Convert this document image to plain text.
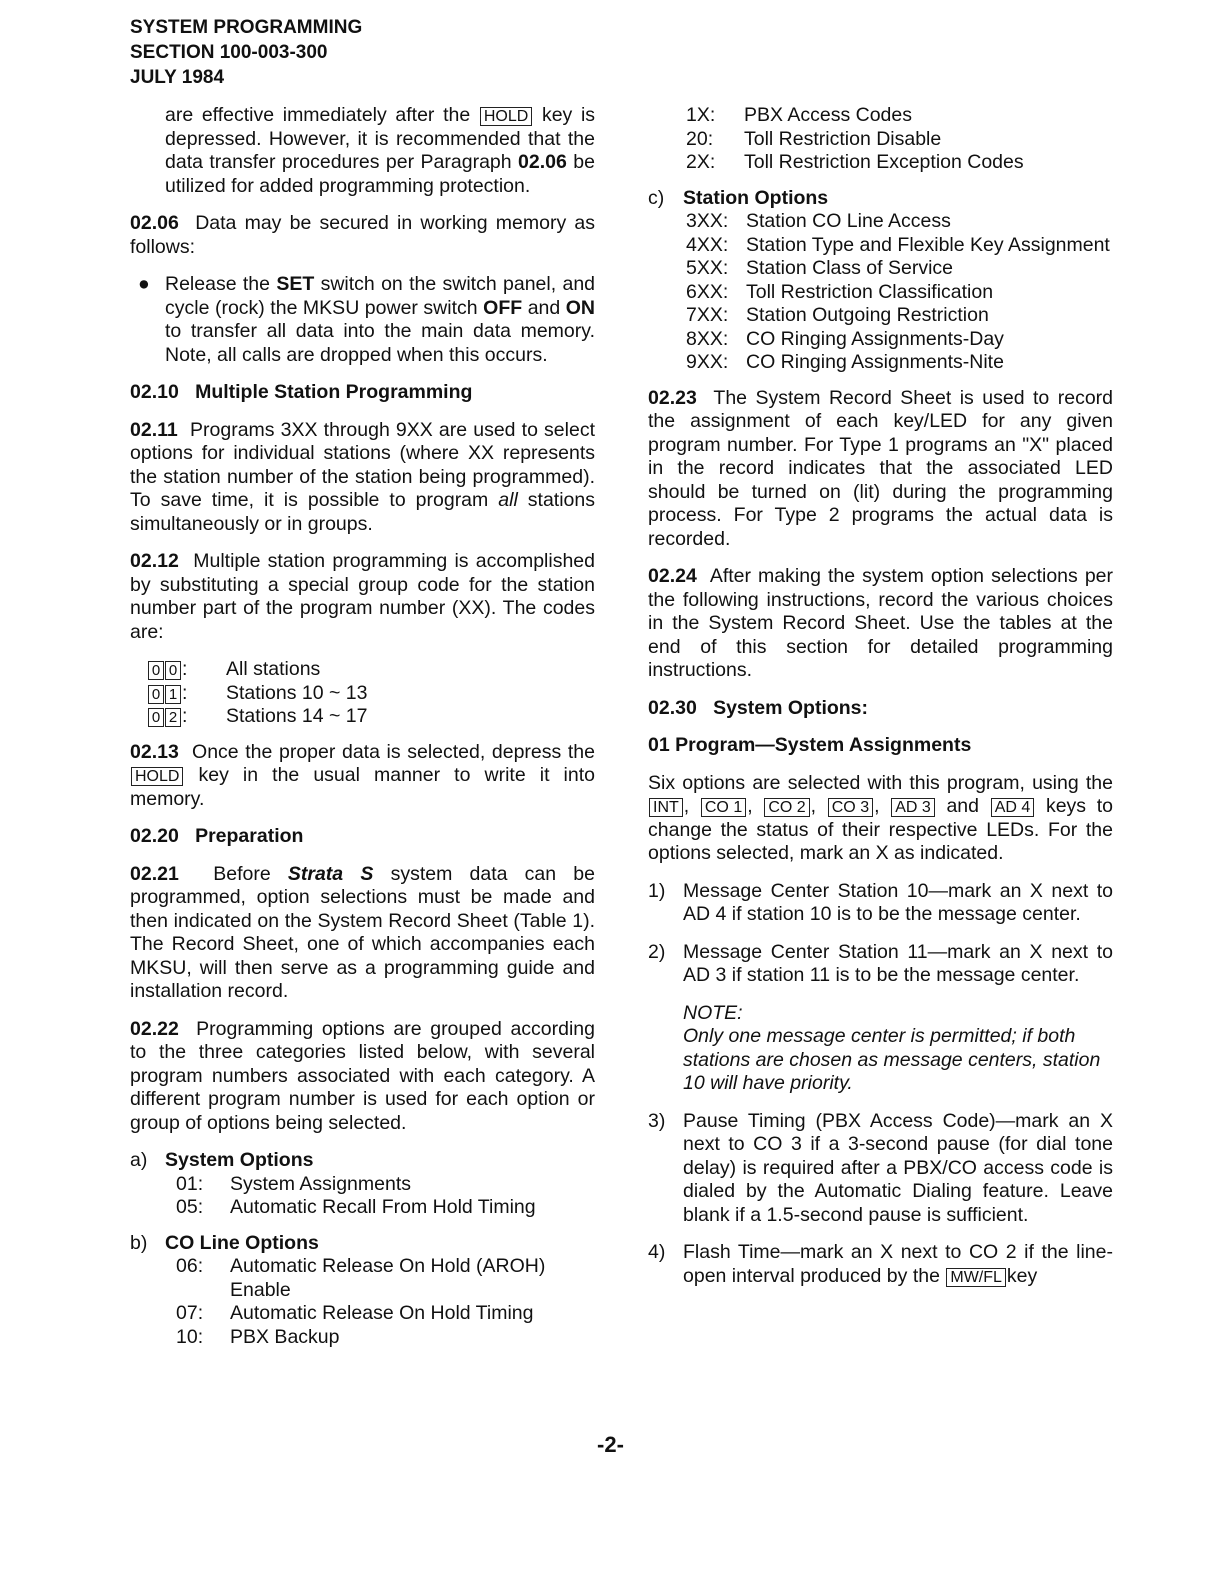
SYSTEM PROGRAMMING
SECTION 100-003-300
JULY 1984

are effective immediately after the HOLD key is depressed. However, it is recommended that the data transfer procedures per Paragraph 02.06 be utilized for added programming protection.

02.06 Data may be secured in working memory as follows:

● Release the SET switch on the switch panel, and cycle (rock) the MKSU power switch OFF and ON to transfer all data into the main data memory. Note, all calls are dropped when this occurs.
02.10 Multiple Station Programming

02.11 Programs 3XX through 9XX are used to select options for individual stations (where XX represents the station number of the station being programmed). To save time, it is possible to program all stations simultaneously or in groups.

02.12 Multiple station programming is accomplished by substituting a special group code for the station number part of the program number (XX). The codes are:

0 0 :	All stations
0 1 :	Stations 10 ~ 13
0 2 :	Stations 14 ~ 17

02.13 Once the proper data is selected, depress the HOLD key in the usual manner to write it into memory.

02.20 Preparation

02.21 Before Strata S system data can be programmed, option selections must be made and then indicated on the System Record Sheet (Table 1). The Record Sheet, one of which accompanies each MKSU, will then serve as a programming guide and installation record.

02.22 Programming options are grouped according to the three categories listed below, with several program numbers associated with each category. A different program number is used for each option or group of options being selected.

a) System Options
01:	System Assignments
05:	Automatic Recall From Hold Timing
b) CO Line Options
06:	Automatic Release On Hold (AROH) Enable
07:	Automatic Release On Hold Timing
10:	PBX Backup
1X:	PBX Access Codes
20:	Toll Restriction Disable
2X:	Toll Restriction Exception Codes
c) Station Options
3XX: Station CO Line Access
4XX: Station Type and Flexible Key Assignment
5XX: Station Class of Service
6XX: Toll Restriction Classification
7XX: Station Outgoing Restriction
8XX: CO Ringing Assignments-Day
9XX: CO Ringing Assignments-Nite

02.23 The System Record Sheet is used to record the assignment of each key/LED for any given program number. For Type 1 programs an "X" placed in the record indicates that the associated LED should be turned on (lit) during the programming process. For Type 2 programs the actual data is recorded.

02.24 After making the system option selections per the following instructions, record the various choices in the System Record Sheet. Use the tables at the end of this section for detailed programming instructions.

02.30 System Options:
01 Program—System Assignments

Six options are selected with this program, using the INT , CO 1 , CO 2 , CO 3 , AD 3 and AD 4 keys to change the status of their respective LEDs. For the options selected, mark an X as indicated.

1) Message Center Station 10—mark an X next to AD 4 if station 10 is to be the message center.
2) Message Center Station 11—mark an X next to AD 3 if station 11 is to be the message center.
NOTE:
Only one message center is permitted; if both stations are chosen as message centers, station 10 will have priority.
3) Pause Timing (PBX Access Code)—mark an X next to CO 3 if a 3-second pause (for dial tone delay) is required after a PBX/CO access code is dialed by the Automatic Dialing feature. Leave blank if a 1.5-second pause is sufficient.
4) Flash Time—mark an X next to CO 2 if the line-open interval produced by the MW/FL key
-2-
